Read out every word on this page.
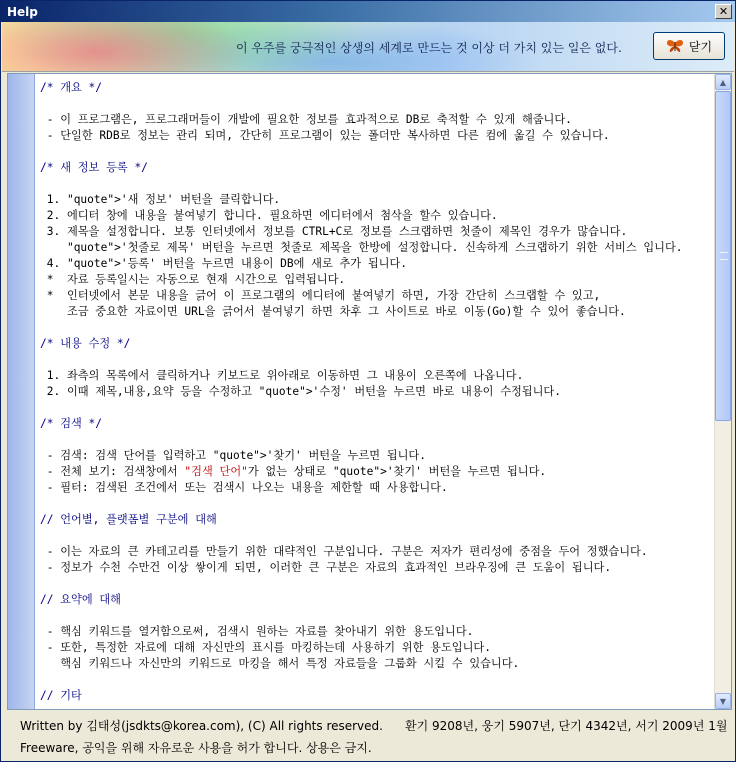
Help	✕
이 우주를 궁극적인 상생의 세계로 만드는 것 이상 더 가치 있는 일은 없다.	닫기
/* 개요 */

- 이 프로그램은, 프로그래머들이 개발에 필요한 정보를 효과적으로 DB로 축적할 수 있게 해줍니다.
- 단일한 RDB로 정보는 관리 되며, 간단히 프로그램이 있는 폴더만 복사하면 다른 컴에 옮길 수 있습니다.

/* 새 정보 등록 */

1. "quote">'새 정보' 버턴을 클릭합니다.
2. 에디터 창에 내용을 붙여넣기 합니다. 필요하면 에디터에서 첨삭을 할수 있습니다.
3. 제목을 설정합니다. 보통 인터넷에서 정보를 CTRL+C로 정보를 스크랩하면 첫줄이 제목인 경우가 많습니다.
"quote">'첫줄로 제목' 버턴을 누르면 첫줄로 제목을 한방에 설정합니다. 신속하게 스크랩하기 위한 서비스 입니다.
4. "quote">'등록' 버턴을 누르면 내용이 DB에 새로 추가 됩니다.
*  자료 등록일시는 자동으로 현재 시간으로 입력됩니다.
*  인터넷에서 본문 내용을 긁어 이 프로그램의 에디터에 붙여넣기 하면, 가장 간단히 스크랩할 수 있고,
조금 중요한 자료이면 URL을 긁어서 붙여넣기 하면 차후 그 사이트로 바로 이동(Go)할 수 있어 좋습니다.

/* 내용 수정 */

1. 좌측의 목록에서 클릭하거나 키보드로 위아래로 이동하면 그 내용이 오른쪽에 나옵니다.
2. 이때 제목,내용,요약 등을 수정하고 "quote">'수정' 버턴을 누르면 바로 내용이 수정됩니다.

/* 검색 */

- 검색: 검색 단어를 입력하고 "quote">'찾기' 버턴을 누르면 됩니다.
- 전체 보기: 검색창에서 "검색 단어"가 없는 상태로 "quote">'찾기' 버턴을 누르면 됩니다.
- 필터: 검색된 조건에서 또는 검색시 나오는 내용을 제한할 때 사용합니다.

// 언어별, 플랫폼별 구분에 대해

- 이는 자료의 큰 카테고리를 만들기 위한 대략적인 구분입니다. 구분은 저자가 편리성에 중점을 두어 정했습니다.
- 정보가 수천 수만건 이상 쌓이게 되면, 이러한 큰 구분은 자료의 효과적인 브라우징에 큰 도움이 됩니다.

// 요약에 대해

- 핵심 키워드를 열거함으로써, 검색시 원하는 자료를 찾아내기 위한 용도입니다.
- 또한, 특정한 자료에 대해 자신만의 표시를 마킹하는데 사용하기 위한 용도입니다.
핵심 키워드나 자신만의 키워드로 마킹을 해서 특정 자료들을 그룹화 시킬 수 있습니다.

// 기타
▲
▼
Written by 김태성(jsdkts@korea.com), (C) All rights reserved. 환기 9208년, 웅기 5907년, 단기 4342년, 서기 2009년 1월
Freeware, 공익을 위해 자유로운 사용을 허가 합니다. 상용은 금지.
